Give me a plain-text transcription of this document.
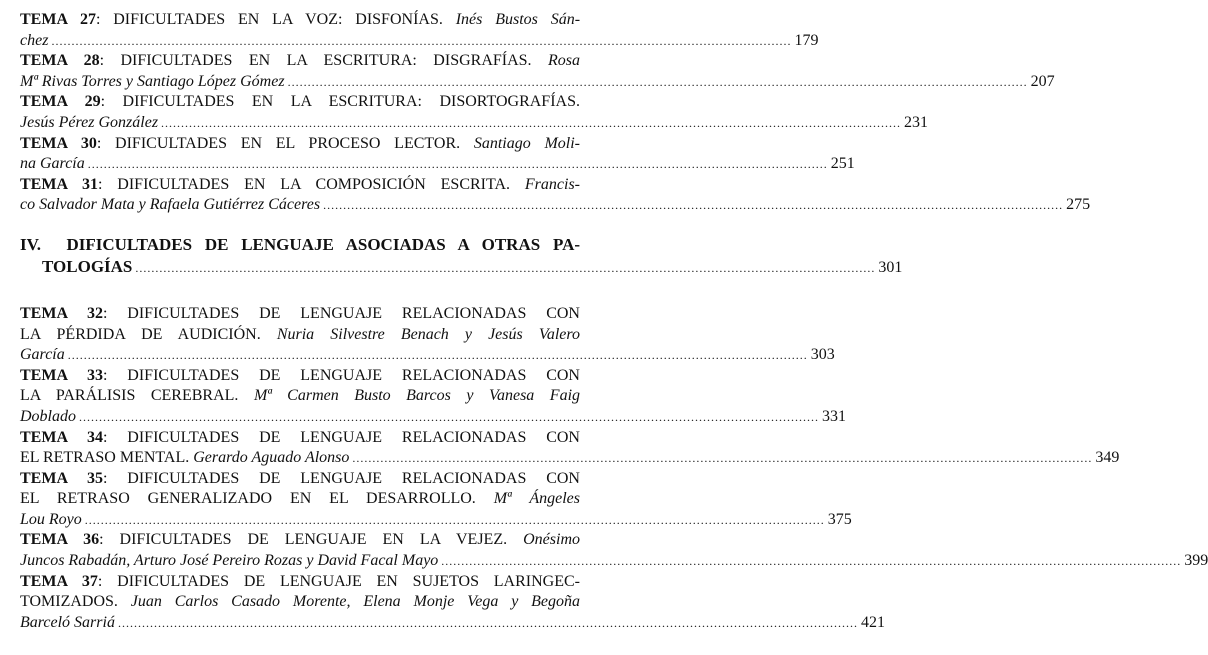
TEMA 27: DIFICULTADES EN LA VOZ: DISFONÍAS. Inés Bustos Sán-
chez ......................................................................................................................................................................................... 179
TEMA 28: DIFICULTADES EN LA ESCRITURA: DISGRAFÍAS. Rosa
Mª Rivas Torres y Santiago López Gómez ......................................................................................................................................................................................... 207
TEMA 29: DIFICULTADES EN LA ESCRITURA: DISORTOGRAFÍAS.
Jesús Pérez González ......................................................................................................................................................................................... 231
TEMA 30: DIFICULTADES EN EL PROCESO LECTOR. Santiago Moli-
na García ......................................................................................................................................................................................... 251
TEMA 31: DIFICULTADES EN LA COMPOSICIÓN ESCRITA. Francis-
co Salvador Mata y Rafaela Gutiérrez Cáceres ......................................................................................................................................................................................... 275
IV. DIFICULTADES DE LENGUAJE ASOCIADAS A OTRAS PA-
TOLOGÍAS ......................................................................................................................................................................................... 301
TEMA 32: DIFICULTADES DE LENGUAJE RELACIONADAS CON
LA PÉRDIDA DE AUDICIÓN. Nuria Silvestre Benach y Jesús Valero
García ......................................................................................................................................................................................... 303
TEMA 33: DIFICULTADES DE LENGUAJE RELACIONADAS CON
LA PARÁLISIS CEREBRAL. Mª Carmen Busto Barcos y Vanesa Faig
Doblado ......................................................................................................................................................................................... 331
TEMA 34: DIFICULTADES DE LENGUAJE RELACIONADAS CON
EL RETRASO MENTAL.
Gerardo Aguado Alonso ......................................................................................................................................................................................... 349
TEMA 35: DIFICULTADES DE LENGUAJE RELACIONADAS CON
EL RETRASO GENERALIZADO EN EL DESARROLLO. Mª Ángeles
Lou Royo ......................................................................................................................................................................................... 375
TEMA 36: DIFICULTADES DE LENGUAJE EN LA VEJEZ. Onésimo
Juncos Rabadán, Arturo José Pereiro Rozas y David Facal Mayo ......................................................................................................................................................................................... 399
TEMA 37: DIFICULTADES DE LENGUAJE EN SUJETOS LARINGEC-
TOMIZADOS. Juan Carlos Casado Morente, Elena Monje Vega y Begoña
Barceló Sarriá ......................................................................................................................................................................................... 421
